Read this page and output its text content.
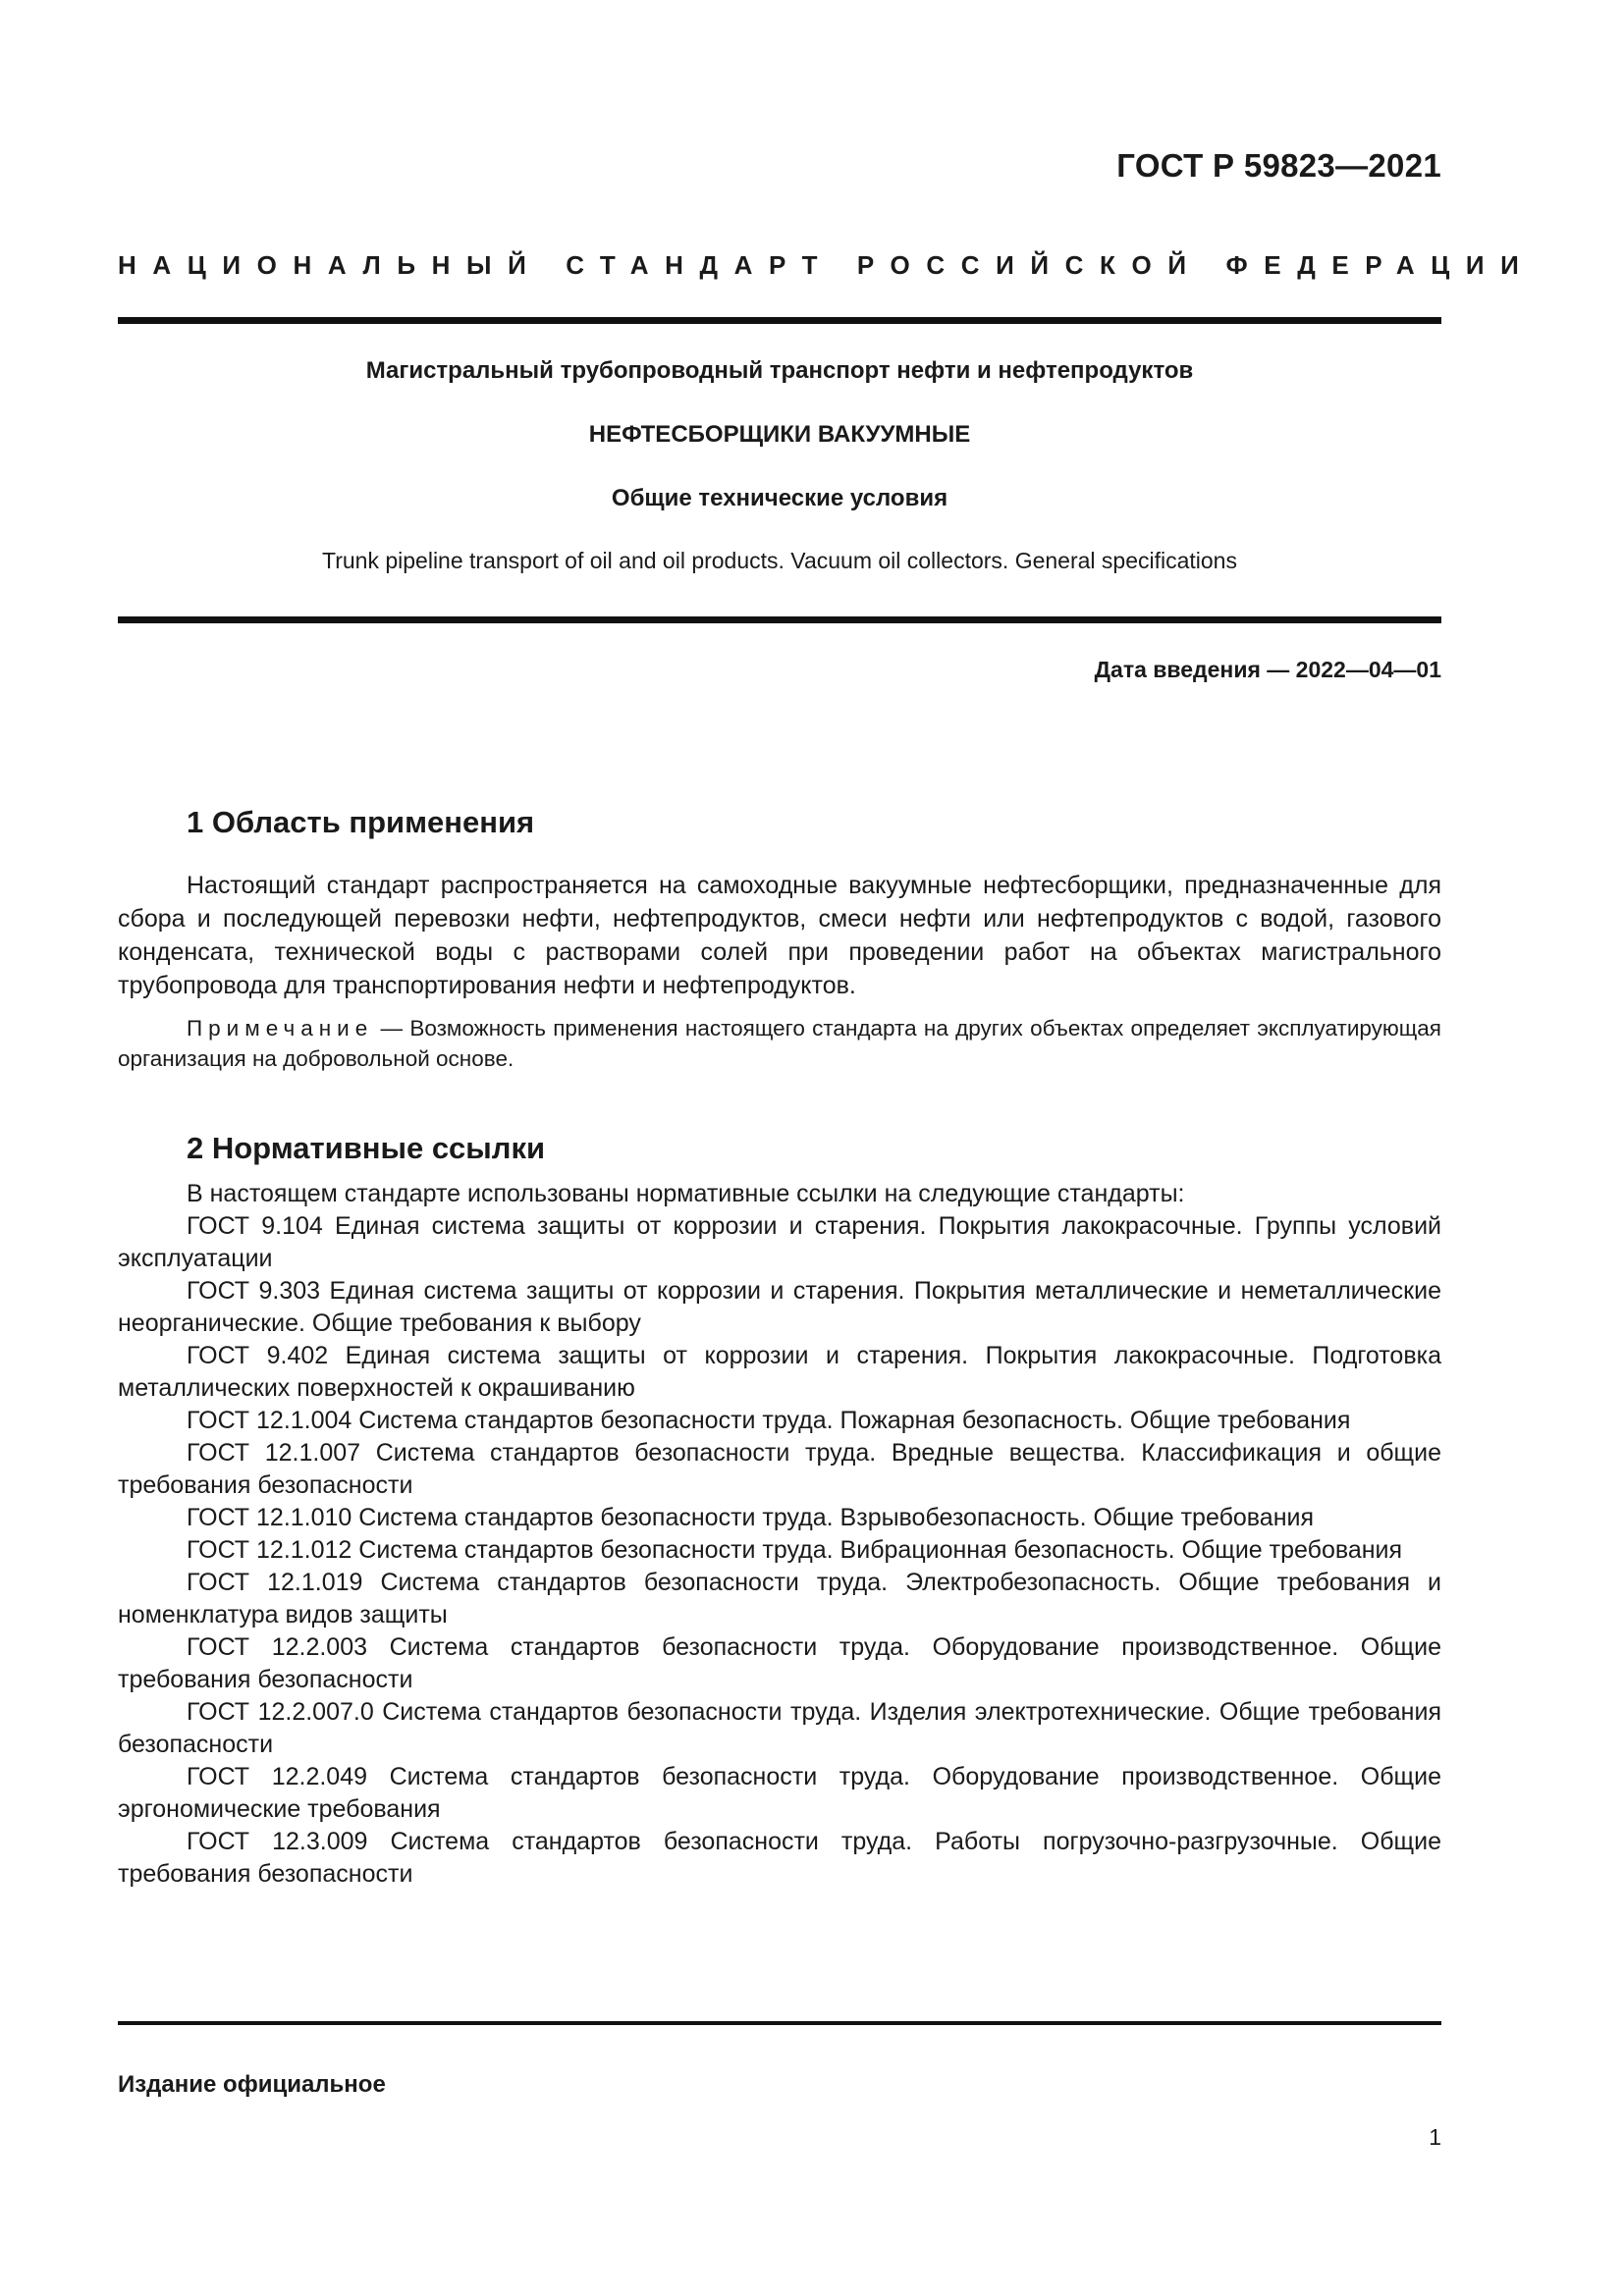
ГОСТ Р 59823—2021
НАЦИОНАЛЬНЫЙ СТАНДАРТ РОССИЙСКОЙ ФЕДЕРАЦИИ
Магистральный трубопроводный транспорт нефти и нефтепродуктов
НЕФТЕСБОРЩИКИ ВАКУУМНЫЕ
Общие технические условия
Trunk pipeline transport of oil and oil products. Vacuum oil collectors. General specifications
Дата введения — 2022—04—01
1 Область применения
Настоящий стандарт распространяется на самоходные вакуумные нефтесборщики, предназначенные для сбора и последующей перевозки нефти, нефтепродуктов, смеси нефти или нефтепродуктов с водой, газового конденсата, технической воды с растворами солей при проведении работ на объектах магистрального трубопровода для транспортирования нефти и нефтепродуктов.
Примечание — Возможность применения настоящего стандарта на других объектах определяет эксплуатирующая организация на добровольной основе.
2 Нормативные ссылки
В настоящем стандарте использованы нормативные ссылки на следующие стандарты:
ГОСТ 9.104 Единая система защиты от коррозии и старения. Покрытия лакокрасочные. Группы условий эксплуатации
ГОСТ 9.303 Единая система защиты от коррозии и старения. Покрытия металлические и неметаллические неорганические. Общие требования к выбору
ГОСТ 9.402 Единая система защиты от коррозии и старения. Покрытия лакокрасочные. Подготовка металлических поверхностей к окрашиванию
ГОСТ 12.1.004 Система стандартов безопасности труда. Пожарная безопасность. Общие требования
ГОСТ 12.1.007 Система стандартов безопасности труда. Вредные вещества. Классификация и общие требования безопасности
ГОСТ 12.1.010 Система стандартов безопасности труда. Взрывобезопасность. Общие требования
ГОСТ 12.1.012 Система стандартов безопасности труда. Вибрационная безопасность. Общие требования
ГОСТ 12.1.019 Система стандартов безопасности труда. Электробезопасность. Общие требования и номенклатура видов защиты
ГОСТ 12.2.003 Система стандартов безопасности труда. Оборудование производственное. Общие требования безопасности
ГОСТ 12.2.007.0 Система стандартов безопасности труда. Изделия электротехнические. Общие требования безопасности
ГОСТ 12.2.049 Система стандартов безопасности труда. Оборудование производственное. Общие эргономические требования
ГОСТ 12.3.009 Система стандартов безопасности труда. Работы погрузочно-разгрузочные. Общие требования безопасности
Издание официальное
1
